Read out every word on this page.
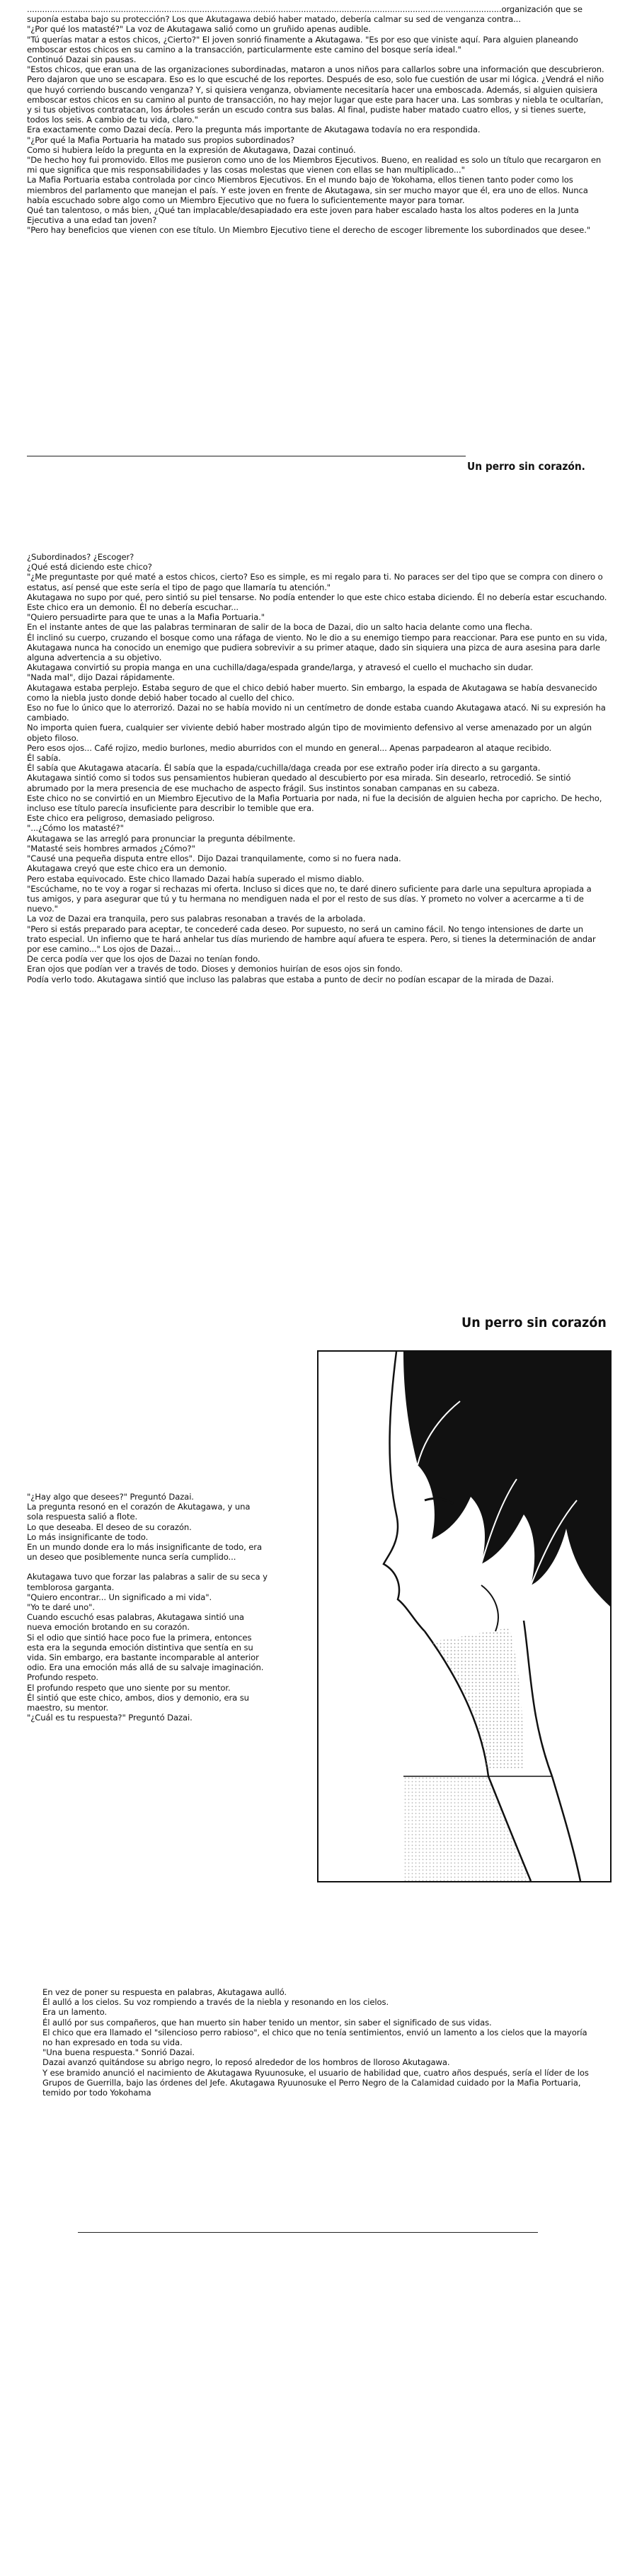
...........................................................................................................................................................................................organización que se suponía estaba bajo su protección? Los que Akutagawa debió haber matado, debería calmar su sed de venganza contra...

"¿Por qué los matasté?" La voz de Akutagawa salió como un gruñido apenas audible.

"Tú querías matar a estos chicos, ¿Cierto?" El joven sonrió finamente a Akutagawa. "Es por eso que viniste aquí. Para alguien planeando emboscar estos chicos en su camino a la transacción, particularmente este camino del bosque sería ideal."

Continuó Dazai sin pausas.

"Estos chicos, que eran una de las organizaciones subordinadas, mataron a unos niños para callarlos sobre una información que descubrieron. Pero dajaron que uno se escapara. Eso es lo que escuché de los reportes. Después de eso, solo fue cuestión de usar mi lógica. ¿Vendrá el niño que huyó corriendo buscando venganza? Y, si quisiera venganza, obviamente necesitaría hacer una emboscada. Además, si alguien quisiera emboscar estos chicos en su camino al punto de transacción, no hay mejor lugar que este para hacer una. Las sombras y niebla te ocultarían, y si tus objetivos contratacan, los árboles serán un escudo contra sus balas. Al final, pudiste haber matado cuatro ellos, y si tienes suerte, todos los seis. A cambio de tu vida, claro."

Era exactamente como Dazai decía. Pero la pregunta más importante de Akutagawa todavía no era respondida.

"¿Por qué la Mafia Portuaria ha matado sus propios subordinados?

Como si hubiera leído la pregunta en la expresión de Akutagawa, Dazai continuó.

"De hecho hoy fui promovido. Ellos me pusieron como uno de los Miembros Ejecutivos. Bueno, en realidad es solo un título que recargaron en mi que significa que mis responsabilidades y las cosas molestas que vienen con ellas se han multiplicado..."

La Mafia Portuaria estaba controlada por cinco Miembros Ejecutivos. En el mundo bajo de Yokohama, ellos tienen tanto poder como los miembros del parlamento que manejan el país. Y este joven en frente de Akutagawa, sin ser mucho mayor que él, era uno de ellos. Nunca había escuchado sobre algo como un Miembro Ejecutivo que no fuera lo suficientemente mayor para tomar.

Qué tan talentoso, o más bien, ¿Qué tan implacable/desapiadado era este joven para haber escalado hasta los altos poderes en la Junta Ejecutiva a una edad tan joven?

"Pero hay beneficios que vienen con ese título. Un Miembro Ejecutivo tiene el derecho de escoger libremente los subordinados que desee."

Un perro sin corazón.

¿Subordinados? ¿Escoger?

¿Qué está diciendo este chico?

"¿Me preguntaste por qué maté a estos chicos, cierto? Eso es simple, es mi regalo para ti. No paraces ser del tipo que se compra con dinero o estatus, así pensé que este sería el tipo de pago que llamaría tu atención."

Akutagawa no supo por qué, pero sintió su piel tensarse. No podía entender lo que este chico estaba diciendo. Él no debería estar escuchando. Este chico era un demonio. Él no debería escuchar...

"Quiero persuadirte para que te unas a la Mafia Portuaria."

En el instante antes de que las palabras terminaran de salir de la boca de Dazai, dio un salto hacia delante como una flecha.

Él inclinó su cuerpo, cruzando el bosque como una ráfaga de viento. No le dio a su enemigo tiempo para reaccionar. Para ese punto en su vida, Akutagawa nunca ha conocido un enemigo que pudiera sobrevivir a su primer ataque, dado sin siquiera una pizca de aura asesina para darle alguna advertencia a su objetivo.

Akutagawa convirtió su propia manga en una cuchilla/daga/espada grande/larga, y atravesó el cuello el muchacho sin dudar.

"Nada mal", dijo Dazai rápidamente.

Akutagawa estaba perplejo. Estaba seguro de que el chico debió haber muerto. Sin embargo, la espada de Akutagawa se había desvanecido como la niebla justo donde debió haber tocado al cuello del chico.

Eso no fue lo único que lo aterrorizó. Dazai no se había movido ni un centímetro de donde estaba cuando Akutagawa atacó. Ni su expresión ha cambiado.

No importa quien fuera, cualquier ser viviente debió haber mostrado algún tipo de movimiento defensivo al verse amenazado por un algún objeto filoso.

Pero esos ojos... Café rojizo, medio burlones, medio aburridos con el mundo en general... Apenas parpadearon al ataque recibido.

Él sabía.

Él sabía que Akutagawa atacaría. Él sabía que la espada/cuchilla/daga creada por ese extraño poder iría directo a su garganta.

Akutagawa sintió como si todos sus pensamientos hubieran quedado al descubierto por esa mirada. Sin desearlo, retrocedió. Se sintió abrumado por la mera presencia de ese muchacho de aspecto frágil. Sus instintos sonaban campanas en su cabeza.

Este chico no se convirtió en un Miembro Ejecutivo de la Mafia Portuaria por nada, ni fue la decisión de alguien hecha por capricho. De hecho, incluso ese título parecía insuficiente para describir lo temible que era.

Este chico era peligroso, demasiado peligroso.

"...¿Cómo los matasté?"

Akutagawa se las arregló para pronunciar la pregunta débilmente.

"Matasté seis hombres armados ¿Cómo?"

"Causé una pequeña disputa entre ellos". Dijo Dazai tranquilamente, como si no fuera nada.

Akutagawa creyó que este chico era un demonio.

Pero estaba equivocado. Este chico llamado Dazai había superado el mismo diablo.

"Escúchame, no te voy a rogar si rechazas mi oferta. Incluso si dices que no, te daré dinero suficiente para darle una sepultura apropiada a

tus amigos, y para asegurar que tú y tu hermana no mendiguen nada el por el resto de sus días. Y prometo no volver a acercarme a ti de nuevo."

La voz de Dazai era tranquila, pero sus palabras resonaban a través de la arbolada.

"Pero si estás preparado para aceptar, te concederé cada deseo. Por supuesto, no será un camino fácil. No tengo intensiones de darte un

trato especial. Un infierno que te hará anhelar tus días muriendo de hambre aquí afuera te espera. Pero, si tienes la determinación de andar

por ese camino..." Los ojos de Dazai...

De cerca podía ver que los ojos de Dazai no tenían fondo.

Eran ojos que podían ver a través de todo. Dioses y demonios huirían de esos ojos sin fondo.

Podía verlo todo. Akutagawa sintió que incluso las palabras que estaba a punto de decir no podían escapar de la mirada de Dazai.

Un perro sin corazón

"¿Hay algo que desees?" Preguntó Dazai.

La pregunta resonó en el corazón de Akutagawa, y una sola respuesta salió a flote.

Lo que deseaba. El deseo de su corazón.

Lo más insignificante de todo.

En un mundo donde era lo más insignificante de todo, era un deseo que posiblemente nunca sería cumplido...

Akutagawa tuvo que forzar las palabras a salir de su seca y temblorosa garganta.

"Quiero encontrar... Un significado a mi vida".

"Yo te daré uno".

Cuando escuchó esas palabras, Akutagawa sintió una nueva emoción brotando en su corazón.

Si el odio que sintió hace poco fue la primera, entonces esta era la segunda emoción distintiva que sentía en su vida. Sin embargo, era bastante incomparable al anterior odio. Era una emoción más allá de su salvaje imaginación.

Profundo respeto.

El profundo respeto que uno siente por su mentor.

Él sintió que este chico, ambos, dios y demonio, era su maestro, su mentor.

"¿Cuál es tu respuesta?" Preguntó Dazai.

En vez de poner su respuesta en palabras, Akutagawa aulló.

Él aulló a los cielos. Su voz rompiendo a través de la niebla y resonando en los cielos.

Era un lamento.

Él aulló por sus compañeros, que han muerto sin haber tenido un mentor, sin saber el significado de sus vidas.

El chico que era llamado el "silencioso perro rabioso", el chico que no tenía sentimientos, envió un lamento a los cielos que la mayoría no han expresado en toda su vida.

"Una buena respuesta." Sonrió Dazai.

Dazai avanzó quitándose su abrigo negro, lo reposó alrededor de los hombros de lloroso Akutagawa.

Y ese bramido anunció el nacimiento de Akutagawa Ryuunosuke, el usuario de habilidad que, cuatro años después, sería el líder de los Grupos de Guerrilla, bajo las órdenes del Jefe. Akutagawa Ryuunosuke el Perro Negro de la Calamidad cuidado por la Mafia Portuaria, temido por todo Yokohama
